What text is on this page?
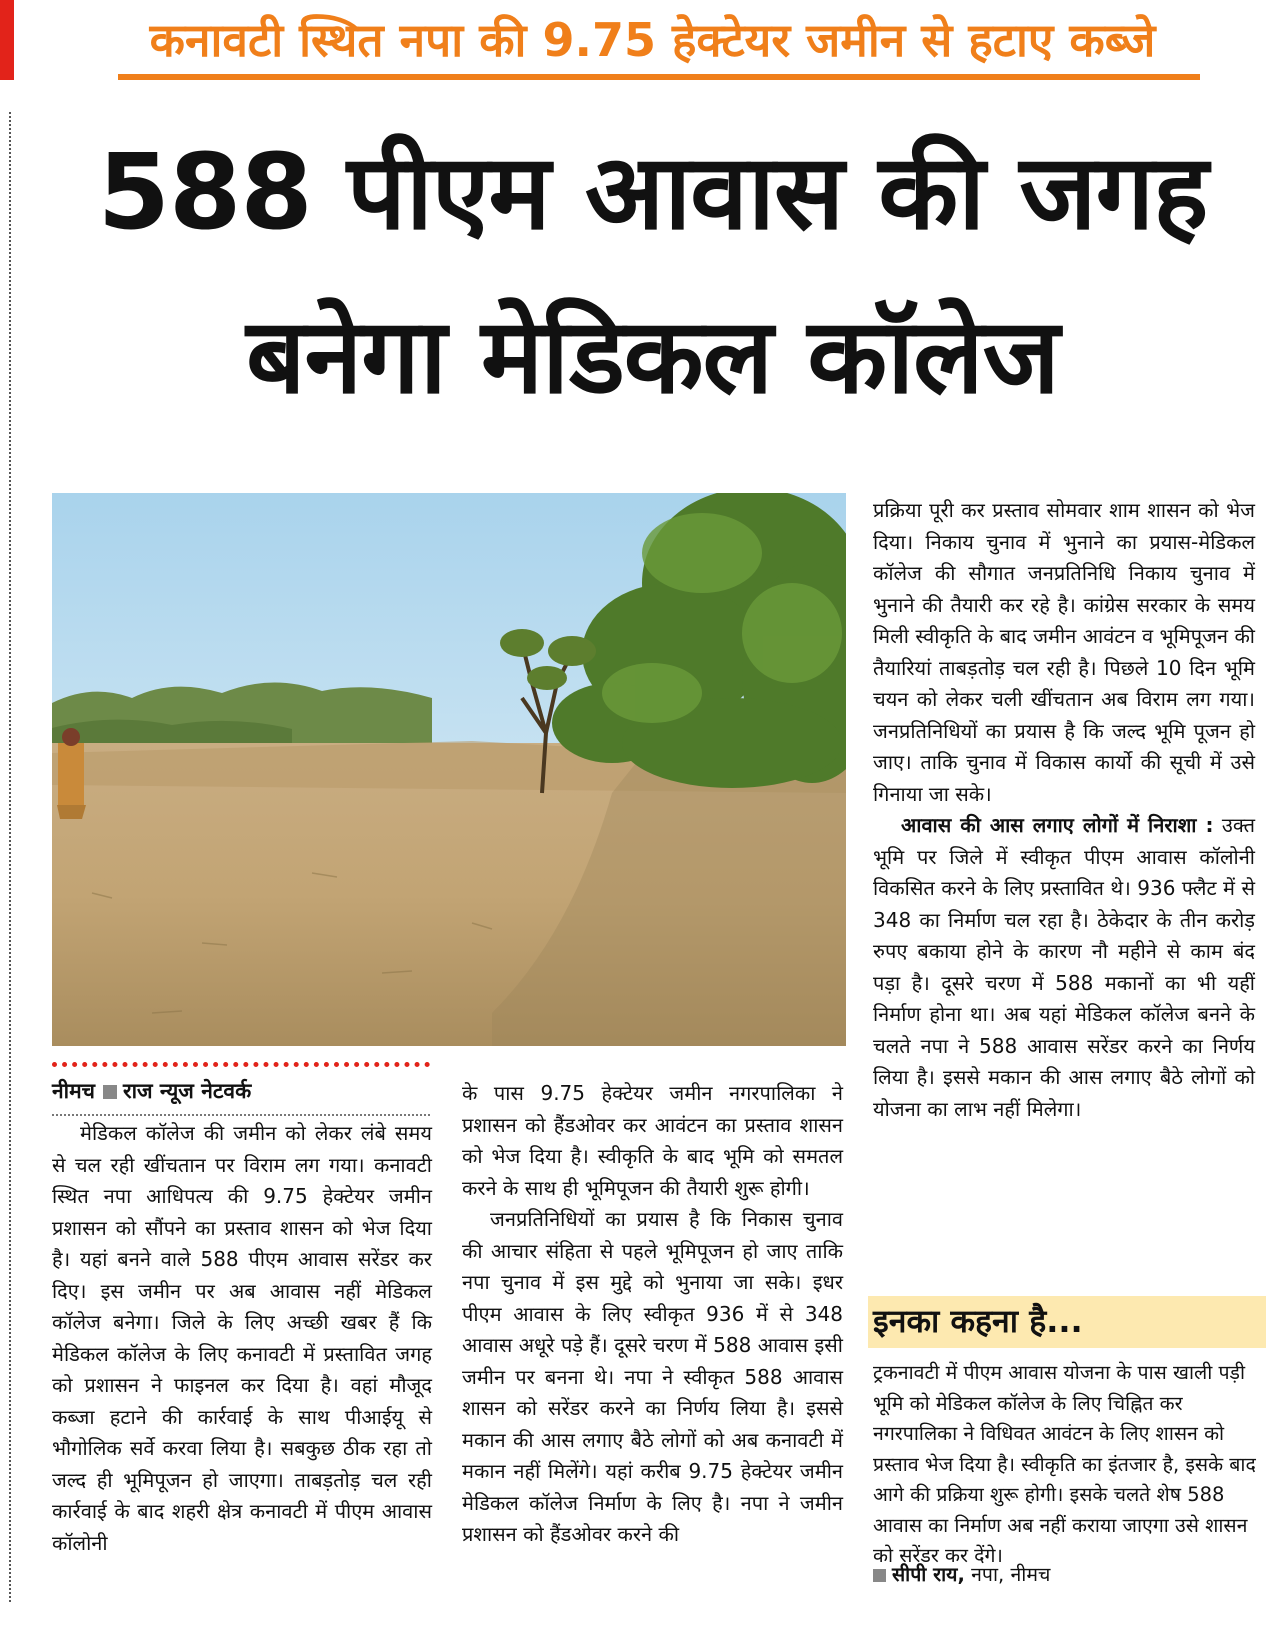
कनावटी स्थित नपा की 9.75 हेक्टेयर जमीन से हटाए कब्जे
588 पीएम आवास की जगह
बनेगा मेडिकल कॉलेज
नीमच राज न्यूज नेटवर्क

मेडिकल कॉलेज की जमीन को लेकर लंबे समय से चल रही खींचतान पर विराम लग गया। कनावटी स्थित नपा आधिपत्य की 9.75 हेक्टेयर जमीन प्रशासन को सौंपने का प्रस्ताव शासन को भेज दिया है। यहां बनने वाले 588 पीएम आवास सरेंडर कर दिए। इस जमीन पर अब आवास नहीं मेडिकल कॉलेज बनेगा। जिले के लिए अच्छी खबर हैं कि मेडिकल कॉलेज के लिए कनावटी में प्रस्तावित जगह को प्रशासन ने फाइनल कर दिया है। वहां मौजूद कब्जा हटाने की कार्रवाई के साथ पीआईयू से भौगोलिक सर्वे करवा लिया है। सबकुछ ठीक रहा तो जल्द ही भूमिपूजन हो जाएगा। ताबड़तोड़ चल रही कार्रवाई के बाद शहरी क्षेत्र कनावटी में पीएम आवास कॉलोनी

के पास 9.75 हेक्टेयर जमीन नगरपालिका ने प्रशासन को हैंडओवर कर आवंटन का प्रस्ताव शासन को भेज दिया है। स्वीकृति के बाद भूमि को समतल करने के साथ ही भूमिपूजन की तैयारी शुरू होगी।

जनप्रतिनिधियों का प्रयास है कि निकास चुनाव की आचार संहिता से पहले भूमिपूजन हो जाए ताकि नपा चुनाव में इस मुद्दे को भुनाया जा सके। इधर पीएम आवास के लिए स्वीकृत 936 में से 348 आवास अधूरे पड़े हैं। दूसरे चरण में 588 आवास इसी जमीन पर बनना थे। नपा ने स्वीकृत 588 आवास शासन को सरेंडर करने का निर्णय लिया है। इससे मकान की आस लगाए बैठे लोगों को अब कनावटी में मकान नहीं मिलेंगे। यहां करीब 9.75 हेक्टेयर जमीन मेडिकल कॉलेज निर्माण के लिए है। नपा ने जमीन प्रशासन को हैंडओवर करने की

प्रक्रिया पूरी कर प्रस्ताव सोमवार शाम शासन को भेज दिया। निकाय चुनाव में भुनाने का प्रयास-मेडिकल कॉलेज की सौगात जनप्रतिनिधि निकाय चुनाव में भुनाने की तैयारी कर रहे है। कांग्रेस सरकार के समय मिली स्वीकृति के बाद जमीन आवंटन व भूमिपूजन की तैयारियां ताबड़तोड़ चल रही है। पिछले 10 दिन भूमि चयन को लेकर चली खींचतान अब विराम लग गया। जनप्रतिनिधियों का प्रयास है कि जल्द भूमि पूजन हो जाए। ताकि चुनाव में विकास कार्यो की सूची में उसे गिनाया जा सके।

आवास की आस लगाए लोगों में निराशा : उक्त भूमि पर जिले में स्वीकृत पीएम आवास कॉलोनी विकसित करने के लिए प्रस्तावित थे। 936 फ्लैट में से 348 का निर्माण चल रहा है। ठेकेदार के तीन करोड़ रुपए बकाया होने के कारण नौ महीने से काम बंद पड़ा है। दूसरे चरण में 588 मकानों का भी यहीं निर्माण होना था। अब यहां मेडिकल कॉलेज बनने के चलते नपा ने 588 आवास सरेंडर करने का निर्णय लिया है। इससे मकान की आस लगाए बैठे लोगों को योजना का लाभ नहीं मिलेगा।

इनका कहना है...

ट्रकनावटी में पीएम आवास योजना के पास खाली पड़ी भूमि को मेडिकल कॉलेज के लिए चिह्नित कर नगरपालिका ने विधिवत आवंटन के लिए शासन को प्रस्ताव भेज दिया है। स्वीकृति का इंतजार है, इसके बाद आगे की प्रक्रिया शुरू होगी। इसके चलते शेष 588 आवास का निर्माण अब नहीं कराया जाएगा उसे शासन को सरेंडर कर देंगे।

सीपी राय, नपा, नीमच
